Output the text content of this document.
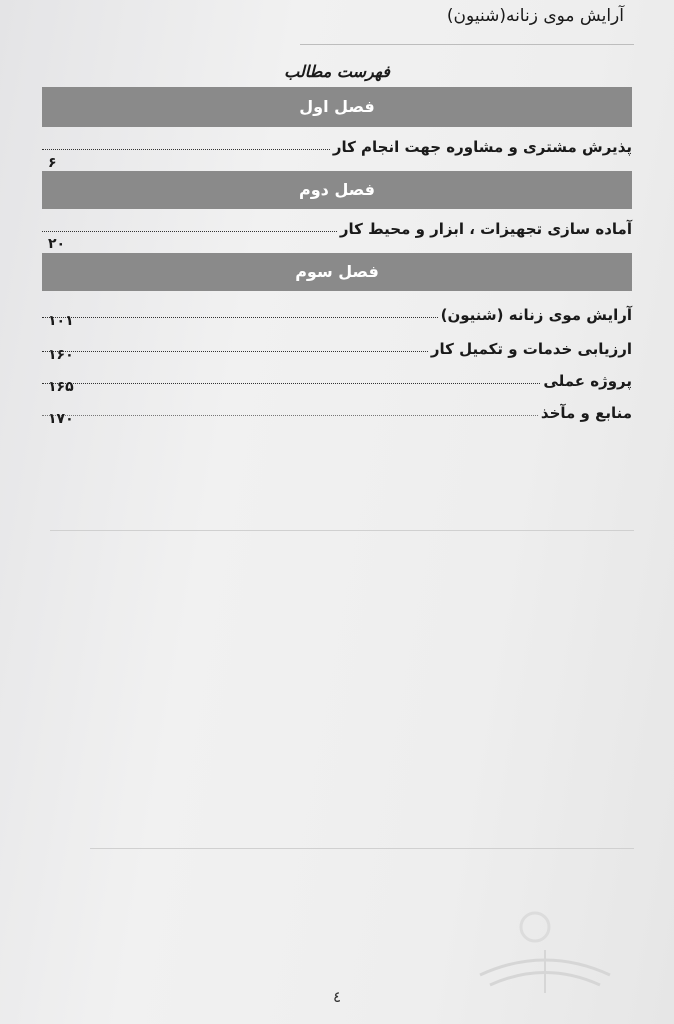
آرایش موی زنانه(شنیون)
فهرست مطالب
فصل اول
پذیرش مشتری و مشاوره جهت انجام کار
۶
فصل دوم
آماده سازی تجهیزات ، ابزار و محیط کار
۲۰
فصل سوم
آرایش موی زنانه (شنیون)
۱۰۱
ارزیابی خدمات و تکمیل کار
۱۶۰
پروژه عملی
۱۶۵
منابع و مآخذ
۱۷۰
٤
